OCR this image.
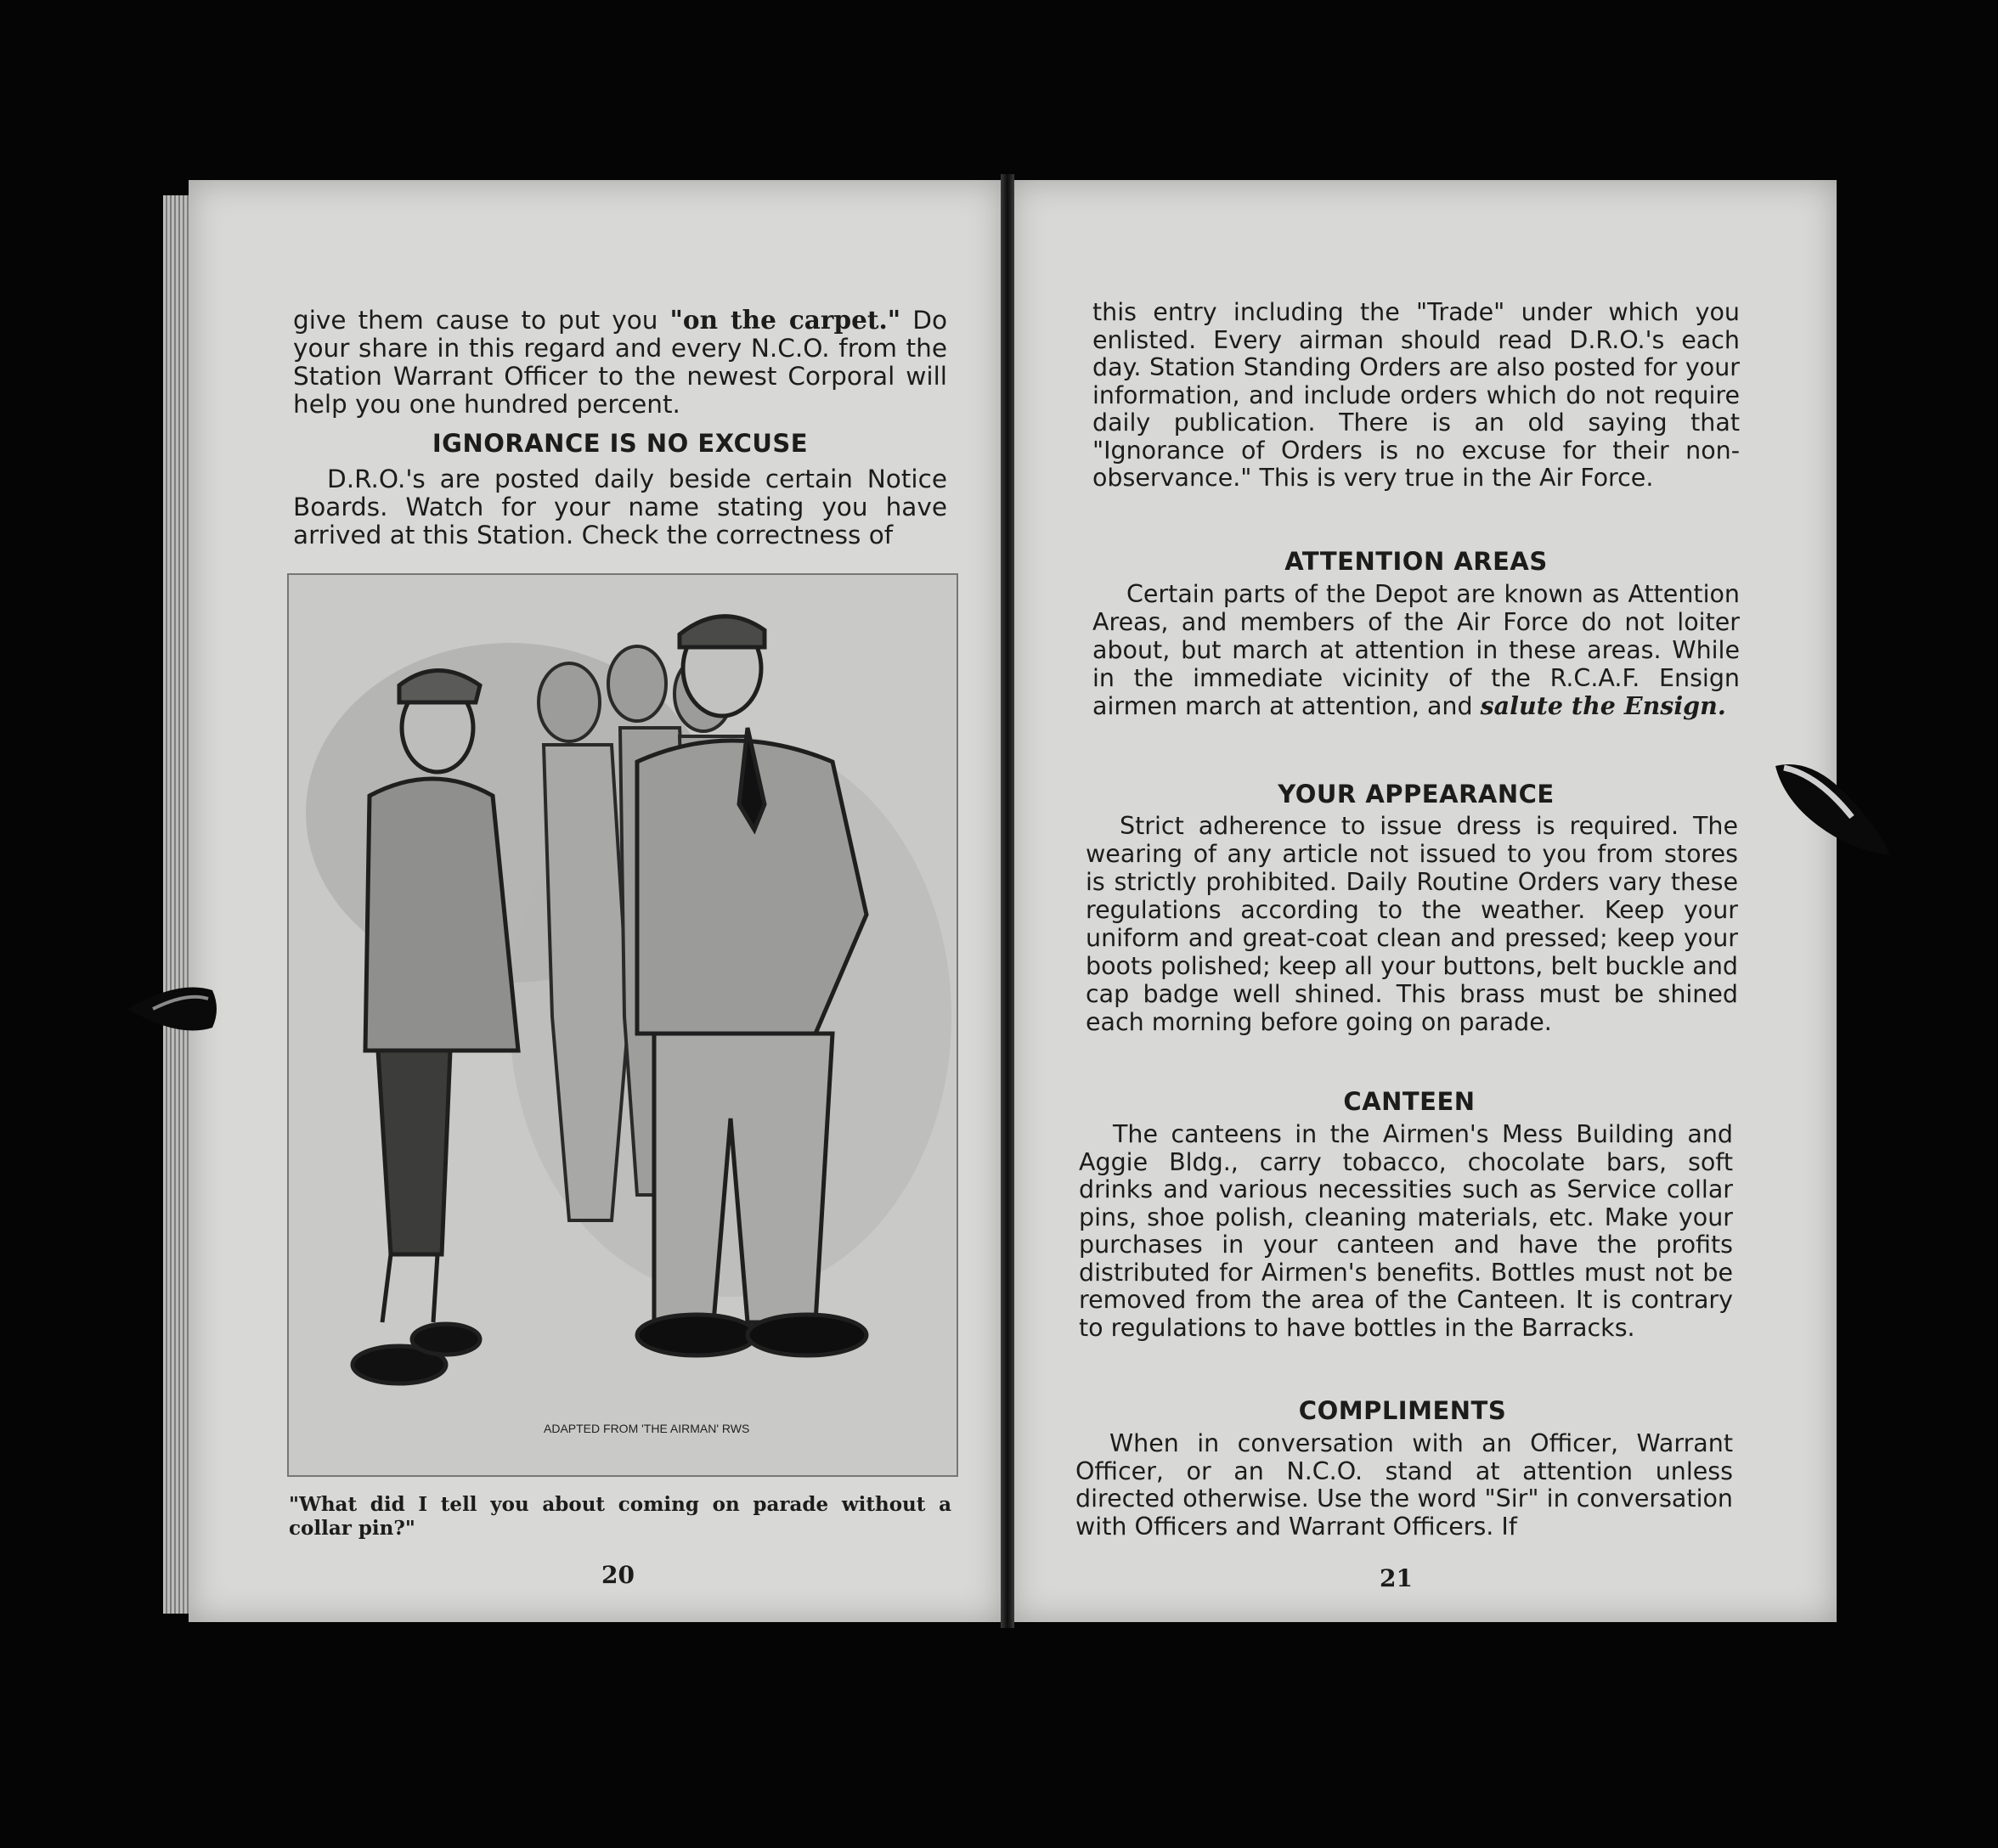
give them cause to put you "on the carpet." Do your share in this regard and every N.C.O. from the Station Warrant Officer to the newest Corporal will help you one hundred percent.

IGNORANCE IS NO EXCUSE

D.R.O.'s are posted daily beside certain Notice Boards. Watch for your name stating you have arrived at this Station. Check the correctness of

ADAPTED FROM 'THE AIRMAN' RWS
"What did I tell you about coming on parade without a collar pin?"
20

this entry including the "Trade" under which you enlisted. Every airman should read D.R.O.'s each day. Station Standing Orders are also posted for your information, and include orders which do not require daily publication. There is an old saying that "Ignorance of Orders is no excuse for their non-observance." This is very true in the Air Force.

ATTENTION AREAS

Certain parts of the Depot are known as Attention Areas, and members of the Air Force do not loiter about, but march at attention in these areas. While in the immediate vicinity of the R.C.A.F. Ensign airmen march at attention, and salute the Ensign.

YOUR APPEARANCE

Strict adherence to issue dress is required. The wearing of any article not issued to you from stores is strictly prohibited. Daily Routine Orders vary these regulations according to the weather. Keep your uniform and great-coat clean and pressed; keep your boots polished; keep all your buttons, belt buckle and cap badge well shined. This brass must be shined each morning before going on parade.

CANTEEN

The canteens in the Airmen's Mess Building and Aggie Bldg., carry tobacco, chocolate bars, soft drinks and various necessities such as Service collar pins, shoe polish, cleaning materials, etc. Make your purchases in your canteen and have the profits distributed for Airmen's benefits. Bottles must not be removed from the area of the Canteen. It is contrary to regulations to have bottles in the Barracks.

COMPLIMENTS

When in conversation with an Officer, Warrant Officer, or an N.C.O. stand at attention unless directed otherwise. Use the word "Sir" in conversation with Officers and Warrant Officers. If

21
